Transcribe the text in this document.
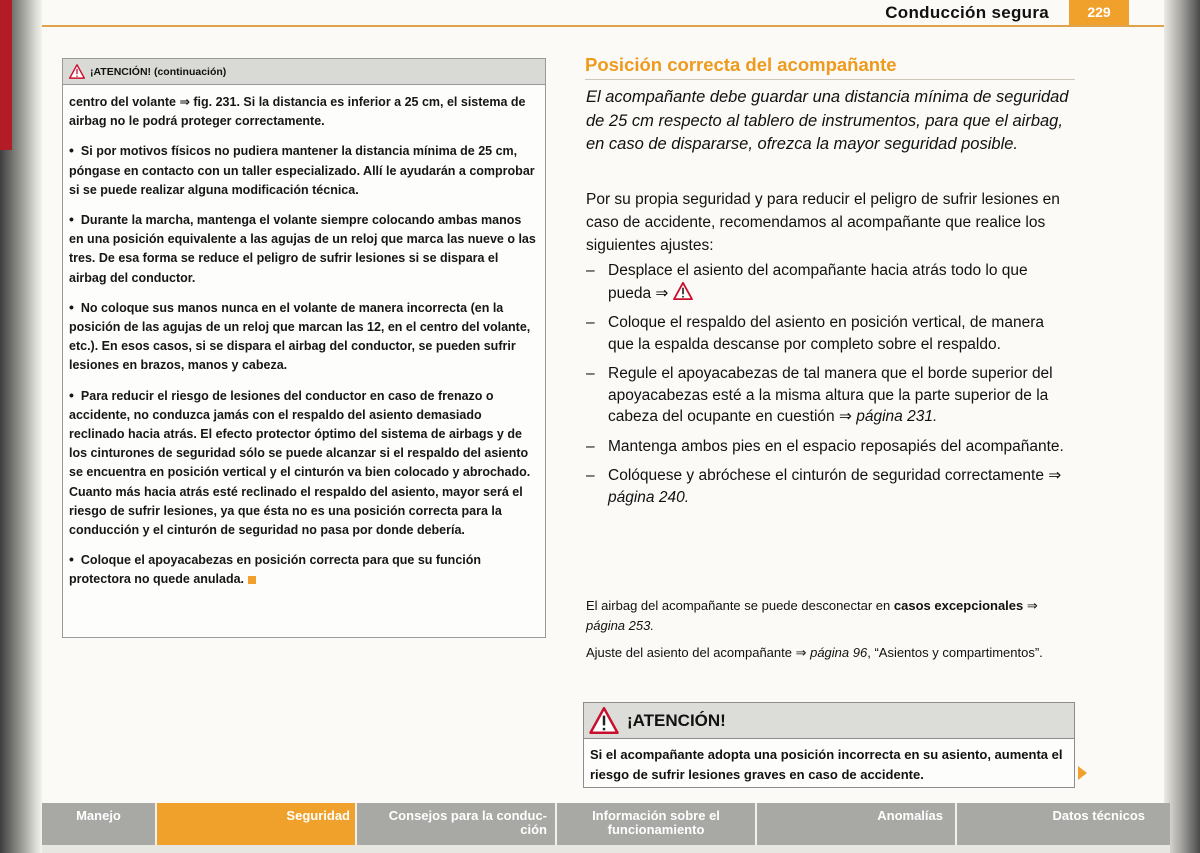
Conducción segura	229
¡ATENCIÓN! (continuación)

centro del volante ⇒ fig. 231. Si la distancia es inferior a 25 cm, el sistema de airbag no le podrá proteger correctamente.

• Si por motivos físicos no pudiera mantener la distancia mínima de 25 cm, póngase en contacto con un taller especializado. Allí le ayudarán a comprobar si se puede realizar alguna modificación técnica.

• Durante la marcha, mantenga el volante siempre colocando ambas manos en una posición equivalente a las agujas de un reloj que marca las nueve o las tres. De esa forma se reduce el peligro de sufrir lesiones si se dispara el airbag del conductor.

• No coloque sus manos nunca en el volante de manera incorrecta (en la posición de las agujas de un reloj que marcan las 12, en el centro del volante, etc.). En esos casos, si se dispara el airbag del conductor, se pueden sufrir lesiones en brazos, manos y cabeza.

• Para reducir el riesgo de lesiones del conductor en caso de frenazo o accidente, no conduzca jamás con el respaldo del asiento demasiado reclinado hacia atrás. El efecto protector óptimo del sistema de airbags y de los cinturones de seguridad sólo se puede alcanzar si el respaldo del asiento se encuentra en posición vertical y el cinturón va bien colocado y abrochado. Cuanto más hacia atrás esté reclinado el respaldo del asiento, mayor será el riesgo de sufrir lesiones, ya que ésta no es una posición correcta para la conducción y el cinturón de seguridad no pasa por donde debería.

• Coloque el apoyacabezas en posición correcta para que su función protectora no quede anulada.

Posición correcta del acompañante
El acompañante debe guardar una distancia mínima de seguridad de 25 cm respecto al tablero de instrumentos, para que el airbag, en caso de dispararse, ofrezca la mayor seguridad posible.

Por su propia seguridad y para reducir el peligro de sufrir lesiones en caso de accidente, recomendamos al acompañante que realice los siguientes ajustes:

– Desplace el asiento del acompañante hacia atrás todo lo que pueda ⇒
– Coloque el respaldo del asiento en posición vertical, de manera que la espalda descanse por completo sobre el respaldo.
– Regule el apoyacabezas de tal manera que el borde superior del apoyacabezas esté a la misma altura que la parte superior de la cabeza del ocupante en cuestión ⇒ página 231.
– Mantenga ambos pies en el espacio reposapiés del acompañante.
– Colóquese y abróchese el cinturón de seguridad correctamente ⇒ página 240.
El airbag del acompañante se puede desconectar en casos excepcionales ⇒ página 253.
Ajuste del asiento del acompañante ⇒ página 96, “Asientos y compartimentos”.
¡ATENCIÓN!
Si el acompañante adopta una posición incorrecta en su asiento, aumenta el riesgo de sufrir lesiones graves en caso de accidente.
Manejo	Seguridad	Consejos para la conduc-
ción
Información sobre el
funcionamiento
Anomalías	Datos técnicos
